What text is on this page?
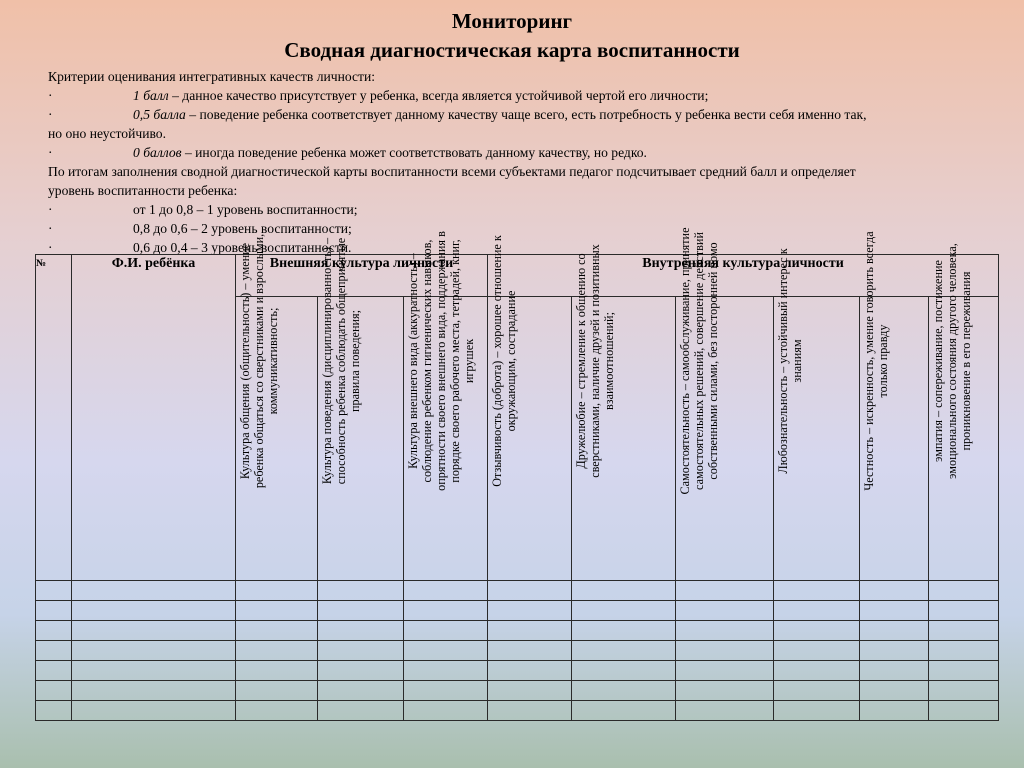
Мониторинг
Сводная диагностическая карта воспитанности
Критерии оценивания интегративных качеств личности:
·	1 балл – данное качество присутствует у ребенка, всегда является устойчивой чертой его личности;
·	0,5 балла – поведение ребенка соответствует данному качеству чаще всего, есть потребность у ребенка вести себя именно так,
но оно неустойчиво.
·	0 баллов – иногда поведение ребенка может соответствовать данному качеству, но редко.
По итогам заполнения сводной диагностической карты воспитанности всеми субъектами педагог подсчитывает средний балл и определяет
уровень воспитанности ребенка:
·	от 1 до 0,8 – 1 уровень воспитанности;
·	0,8 до 0,6 – 2 уровень воспитанности;
·	0,6 до 0,4 – 3 уровень воспитанности.
№	Ф.И. ребёнка	Внешняя культура личности			Внутренняя культура личности					

		Культура общения (общительность) – умение ребенка общаться со сверстниками и взрослыми, коммуникативность;	Культура поведения (дисциплинированность) – способность ребенка соблюдать общепринятые правила поведения;	Культура внешнего вида (аккуратность) – соблюдение ребенком гигиенических навыков, опрятности своего внешнего вида, поддержания в порядке своего рабочего места, тетрадей, книг, игрушек	Отзывчивость (доброта) – хорошее отношение к окружающим, сострадание	Дружелюбие – стремление к общению со сверстниками, наличие друзей и позитивных взаимоотношений;	Самостоятельность – самообслуживание, принятие самостоятельных решений, совершение действий собственными силами, без посторонней помо	Любознательность – устойчивый интерес к знаниям	Честность – искренность, умение говорить всегда только правду	эмпатия – сопереживание, постижение эмоционального состояния другого человека, проникновение в его переживания
